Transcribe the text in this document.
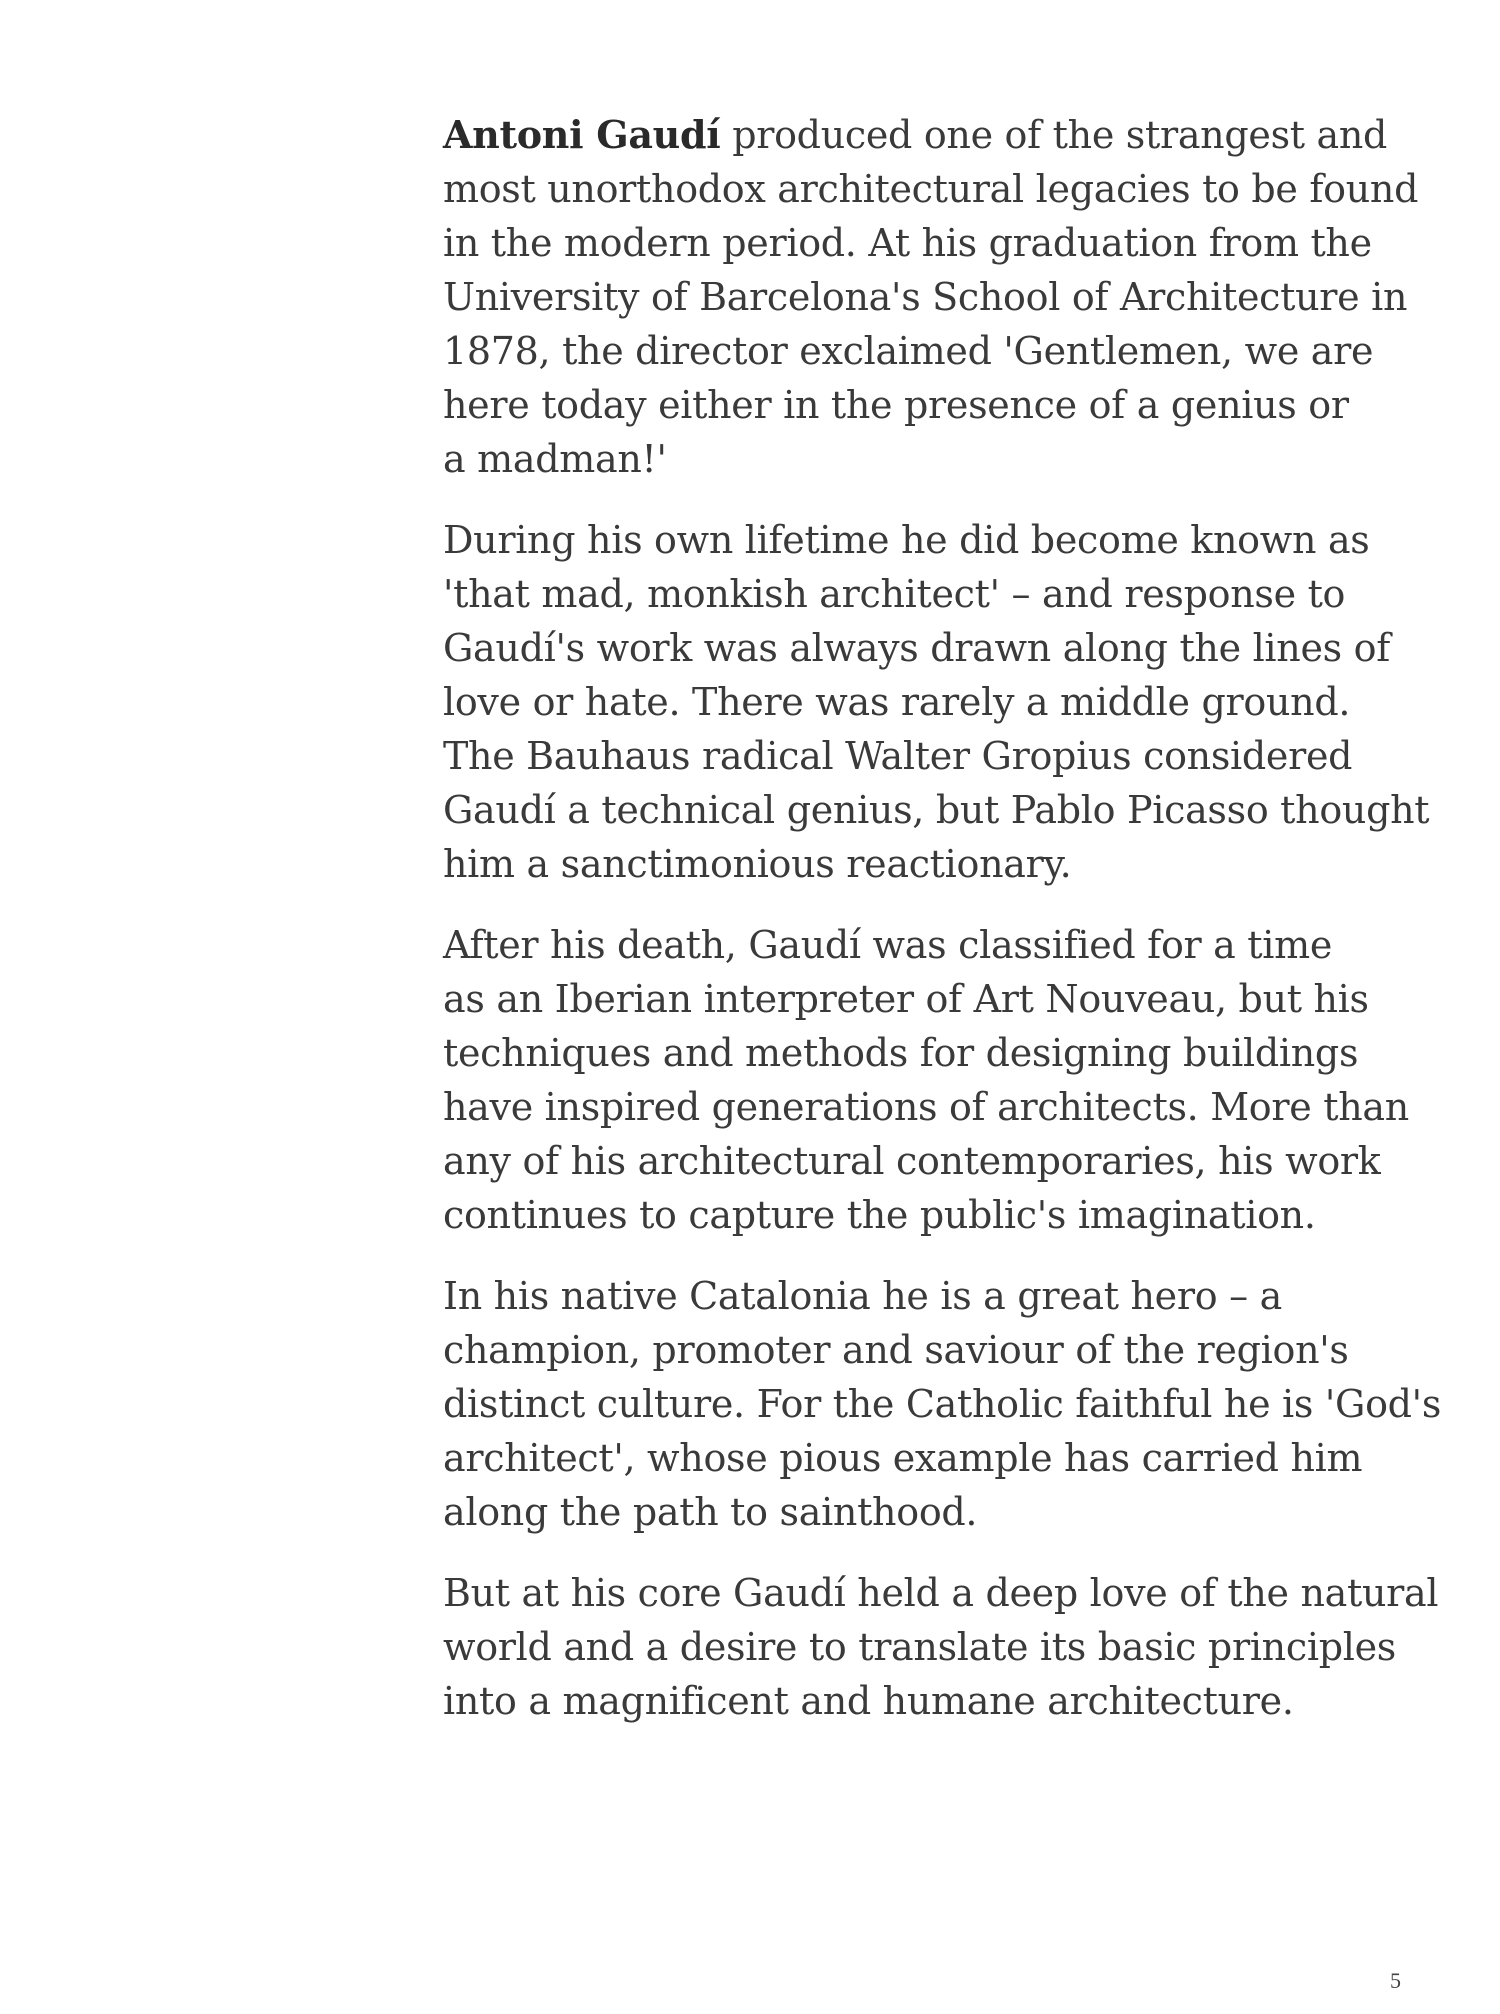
Antoni Gaudí produced one of the strangest and
most unorthodox architectural legacies to be found
in the modern period. At his graduation from the
University of Barcelona's School of Architecture in
1878, the director exclaimed 'Gentlemen, we are
here today either in the presence of a genius or
a madman!'

During his own lifetime he did become known as
'that mad, monkish architect' – and response to
Gaudí's work was always drawn along the lines of
love or hate. There was rarely a middle ground.
The Bauhaus radical Walter Gropius considered
Gaudí a technical genius, but Pablo Picasso thought
him a sanctimonious reactionary.

After his death, Gaudí was classified for a time
as an Iberian interpreter of Art Nouveau, but his
techniques and methods for designing buildings
have inspired generations of architects. More than
any of his architectural contemporaries, his work
continues to capture the public's imagination.

In his native Catalonia he is a great hero – a
champion, promoter and saviour of the region's
distinct culture. For the Catholic faithful he is 'God's
architect', whose pious example has carried him
along the path to sainthood.

But at his core Gaudí held a deep love of the natural
world and a desire to translate its basic principles
into a magnificent and humane architecture.

5
